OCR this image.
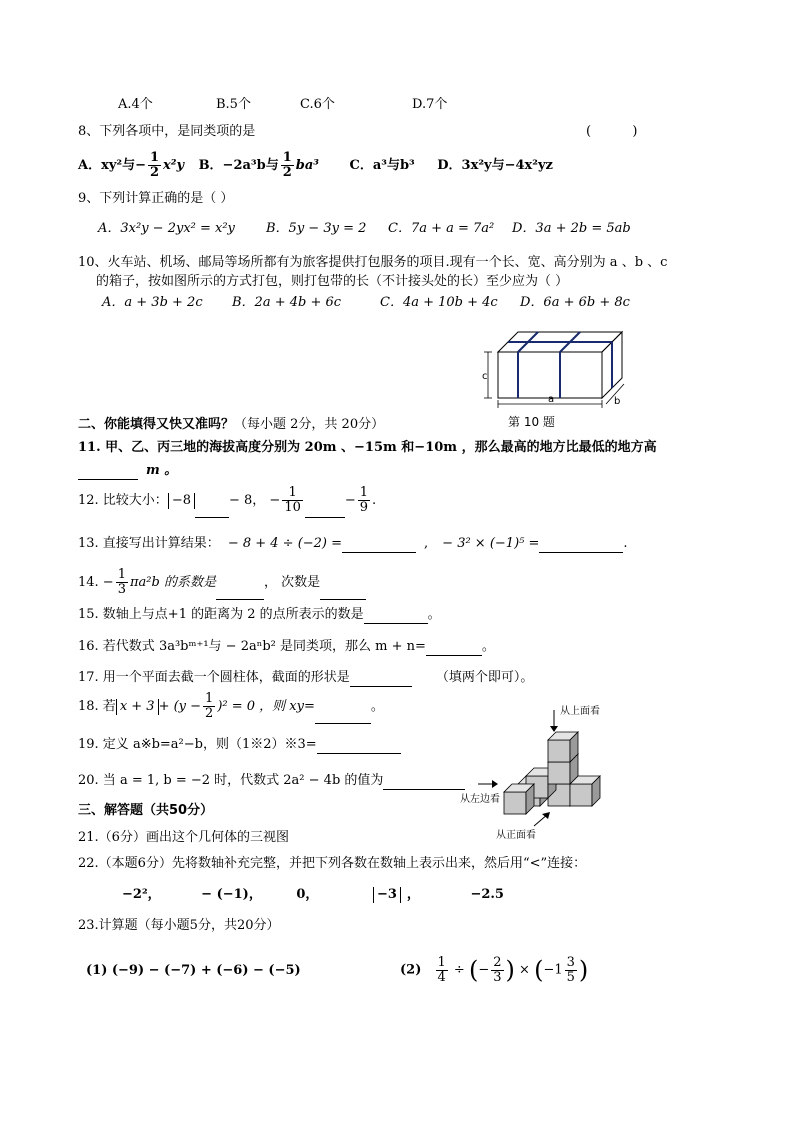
A.4个	B.5个	C.6个	D.7个
8、下列各项中，是同类项的是	(          )
A．xy²与− $\frac{1}{2} x^2y$ B．−2a³b与 $\frac{1}{2} ba^3$ C．a³与b³ D．3x²y与−4x²yz
9、下列计算正确的是（ ）
A．3x²y − 2yx² = x²y B．5y − 3y = 2 C．7a + a = 7a² D．3a + 2b = 5ab
10、火车站、机场、邮局等场所都有为旅客提供打包服务的项目.现有一个长、宽、高分别为 a 、b 、c
的箱子，按如图所示的方式打包，则打包带的长（不计接头处的长）至少应为（ ）
A．a + 3b + 2c B．2a + 4b + 6c	C．4a + 10b + 4c D．6a + 6b + 8c
c
a	b
第 10 题
二、你能填得又快又准吗？（每小题 2分，共 20分）
11. 甲、乙、丙三地的海拔高度分别为 20m 、−15m 和−10m ，那么最高的地方比最低的地方高
m 。
12. 比较大小： −8	− 8， − $\frac{1}{10}$	− $\frac{1}{9}$ .
13. 直接写出计算结果： − 8 + 4 ÷ (−2) =	, − 3² × (−1)⁵ =	.
14. − $\frac{1}{3} \pi a^2b$ 的系数是	， 次数是
15. 数轴上与点+1 的距离为 2 的点所表示的数是	。
16. 若代数式 3a³bᵐ⁺¹与 − 2aⁿb² 是同类项，那么 m + n=	。
17. 用一个平面去截一个圆柱体，截面的形状是	（填两个即可）。
18. 若 $x + 3 + (y - \frac{1}{2} )^2 = 0$ ，则 xy=	。
19. 定义 a※b=a²−b，则（1※2）※3=
20. 当 a = 1, b = −2 时，代数式 2a² − 4b 的值为
从上面看
从左边看
从正面看
三、解答题（共50分）
21.（6分）画出这个几何体的三视图
22.（本题6分）先将数轴补充完整，并把下列各数在数轴上表示出来，然后用“<”连接：
−2²，	− (−1)，	0，	−3 ，	−2.5
23.计算题（每小题5分，共20分）
(1) (−9) − (−7) + (−6) − (−5)	$(2) \frac{1}{4}$ ÷ (− $\frac{2}{3}$ ) × ($-1 \frac{3}{5}$ )
